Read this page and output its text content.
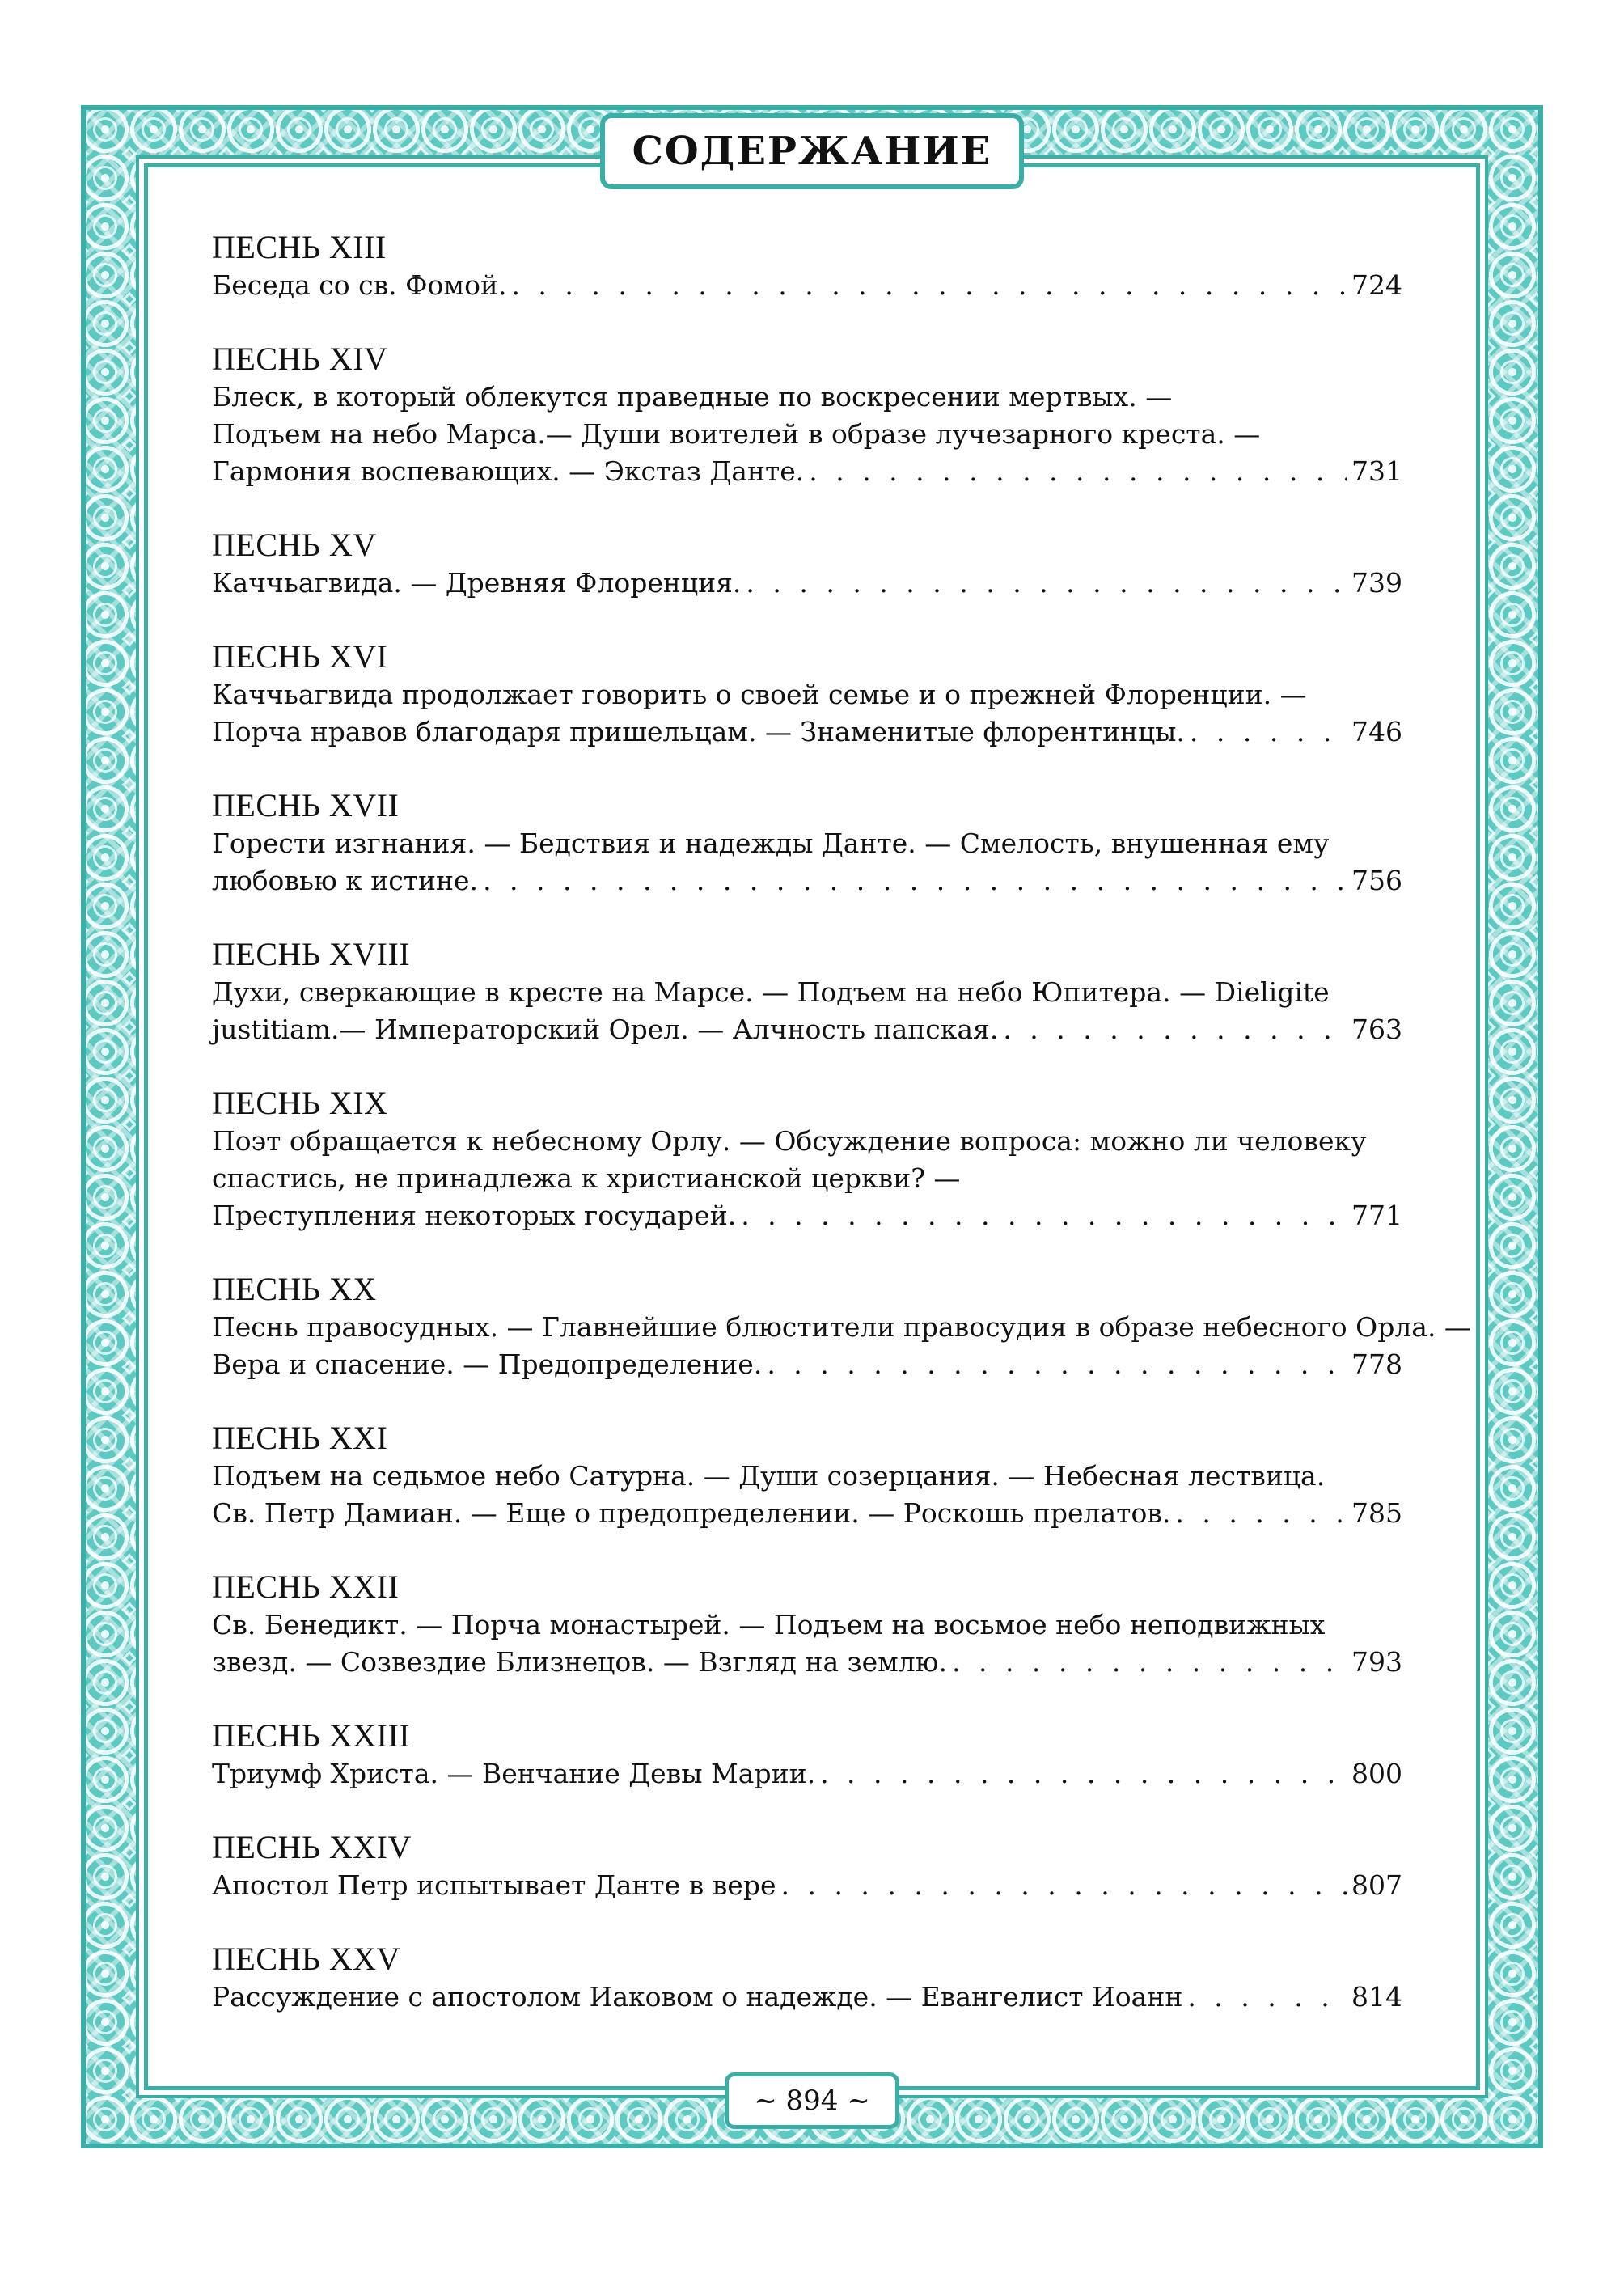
СОДЕРЖАНИЕ
ПЕСНЬ XIII
Беседа со св. Фомой. . . .	724
ПЕСНЬ XIV
Блеск, в который облекутся праведные по воскресении мертвых. —
Подъем на небо Марса.— Души воителей в образе лучезарного креста. —
Гармония воспевающих. — Экстаз Данте. . . .	731
ПЕСНЬ XV
Каччьагвида. — Древняя Флоренция. . . .	739
ПЕСНЬ XVI
Каччьагвида продолжает говорить о своей семье и о прежней Флоренции. —
Порча нравов благодаря пришельцам. — Знаменитые флорентинцы. . . .	746
ПЕСНЬ XVII
Горести изгнания. — Бедствия и надежды Данте. — Смелость, внушенная ему
любовью к истине. . . .	756
ПЕСНЬ XVIII
Духи, сверкающие в кресте на Марсе. — Подъем на небо Юпитера. — Dieligite
justitiam.— Императорский Орел. — Алчность папская. . . .	763
ПЕСНЬ XIX
Поэт обращается к небесному Орлу. — Обсуждение вопроса: можно ли человеку
спастись, не принадлежа к христианской церкви? —
Преступления некоторых государей. . . .	771
ПЕСНЬ XX
Песнь правосудных. — Главнейшие блюстители правосудия в образе небесного Орла. —
Вера и спасение. — Предопределение. . . .	778
ПЕСНЬ XXI
Подъем на седьмое небо Сатурна. — Души созерцания. — Небесная лествица.
Св. Петр Дамиан. — Еще о предопределении. — Роскошь прелатов. . . .	785
ПЕСНЬ XXII
Св. Бенедикт. — Порча монастырей. — Подъем на восьмое небо неподвижных
звезд. — Созвездие Близнецов. — Взгляд на землю. . . .	793
ПЕСНЬ XXIII
Триумф Христа. — Венчание Девы Марии. . . .	800
ПЕСНЬ XXIV
Апостол Петр испытывает Данте в вере . . .	807
ПЕСНЬ XXV
Рассуждение с апостолом Иаковом о надежде. — Евангелист Иоанн . . .	814
~ 894 ~
